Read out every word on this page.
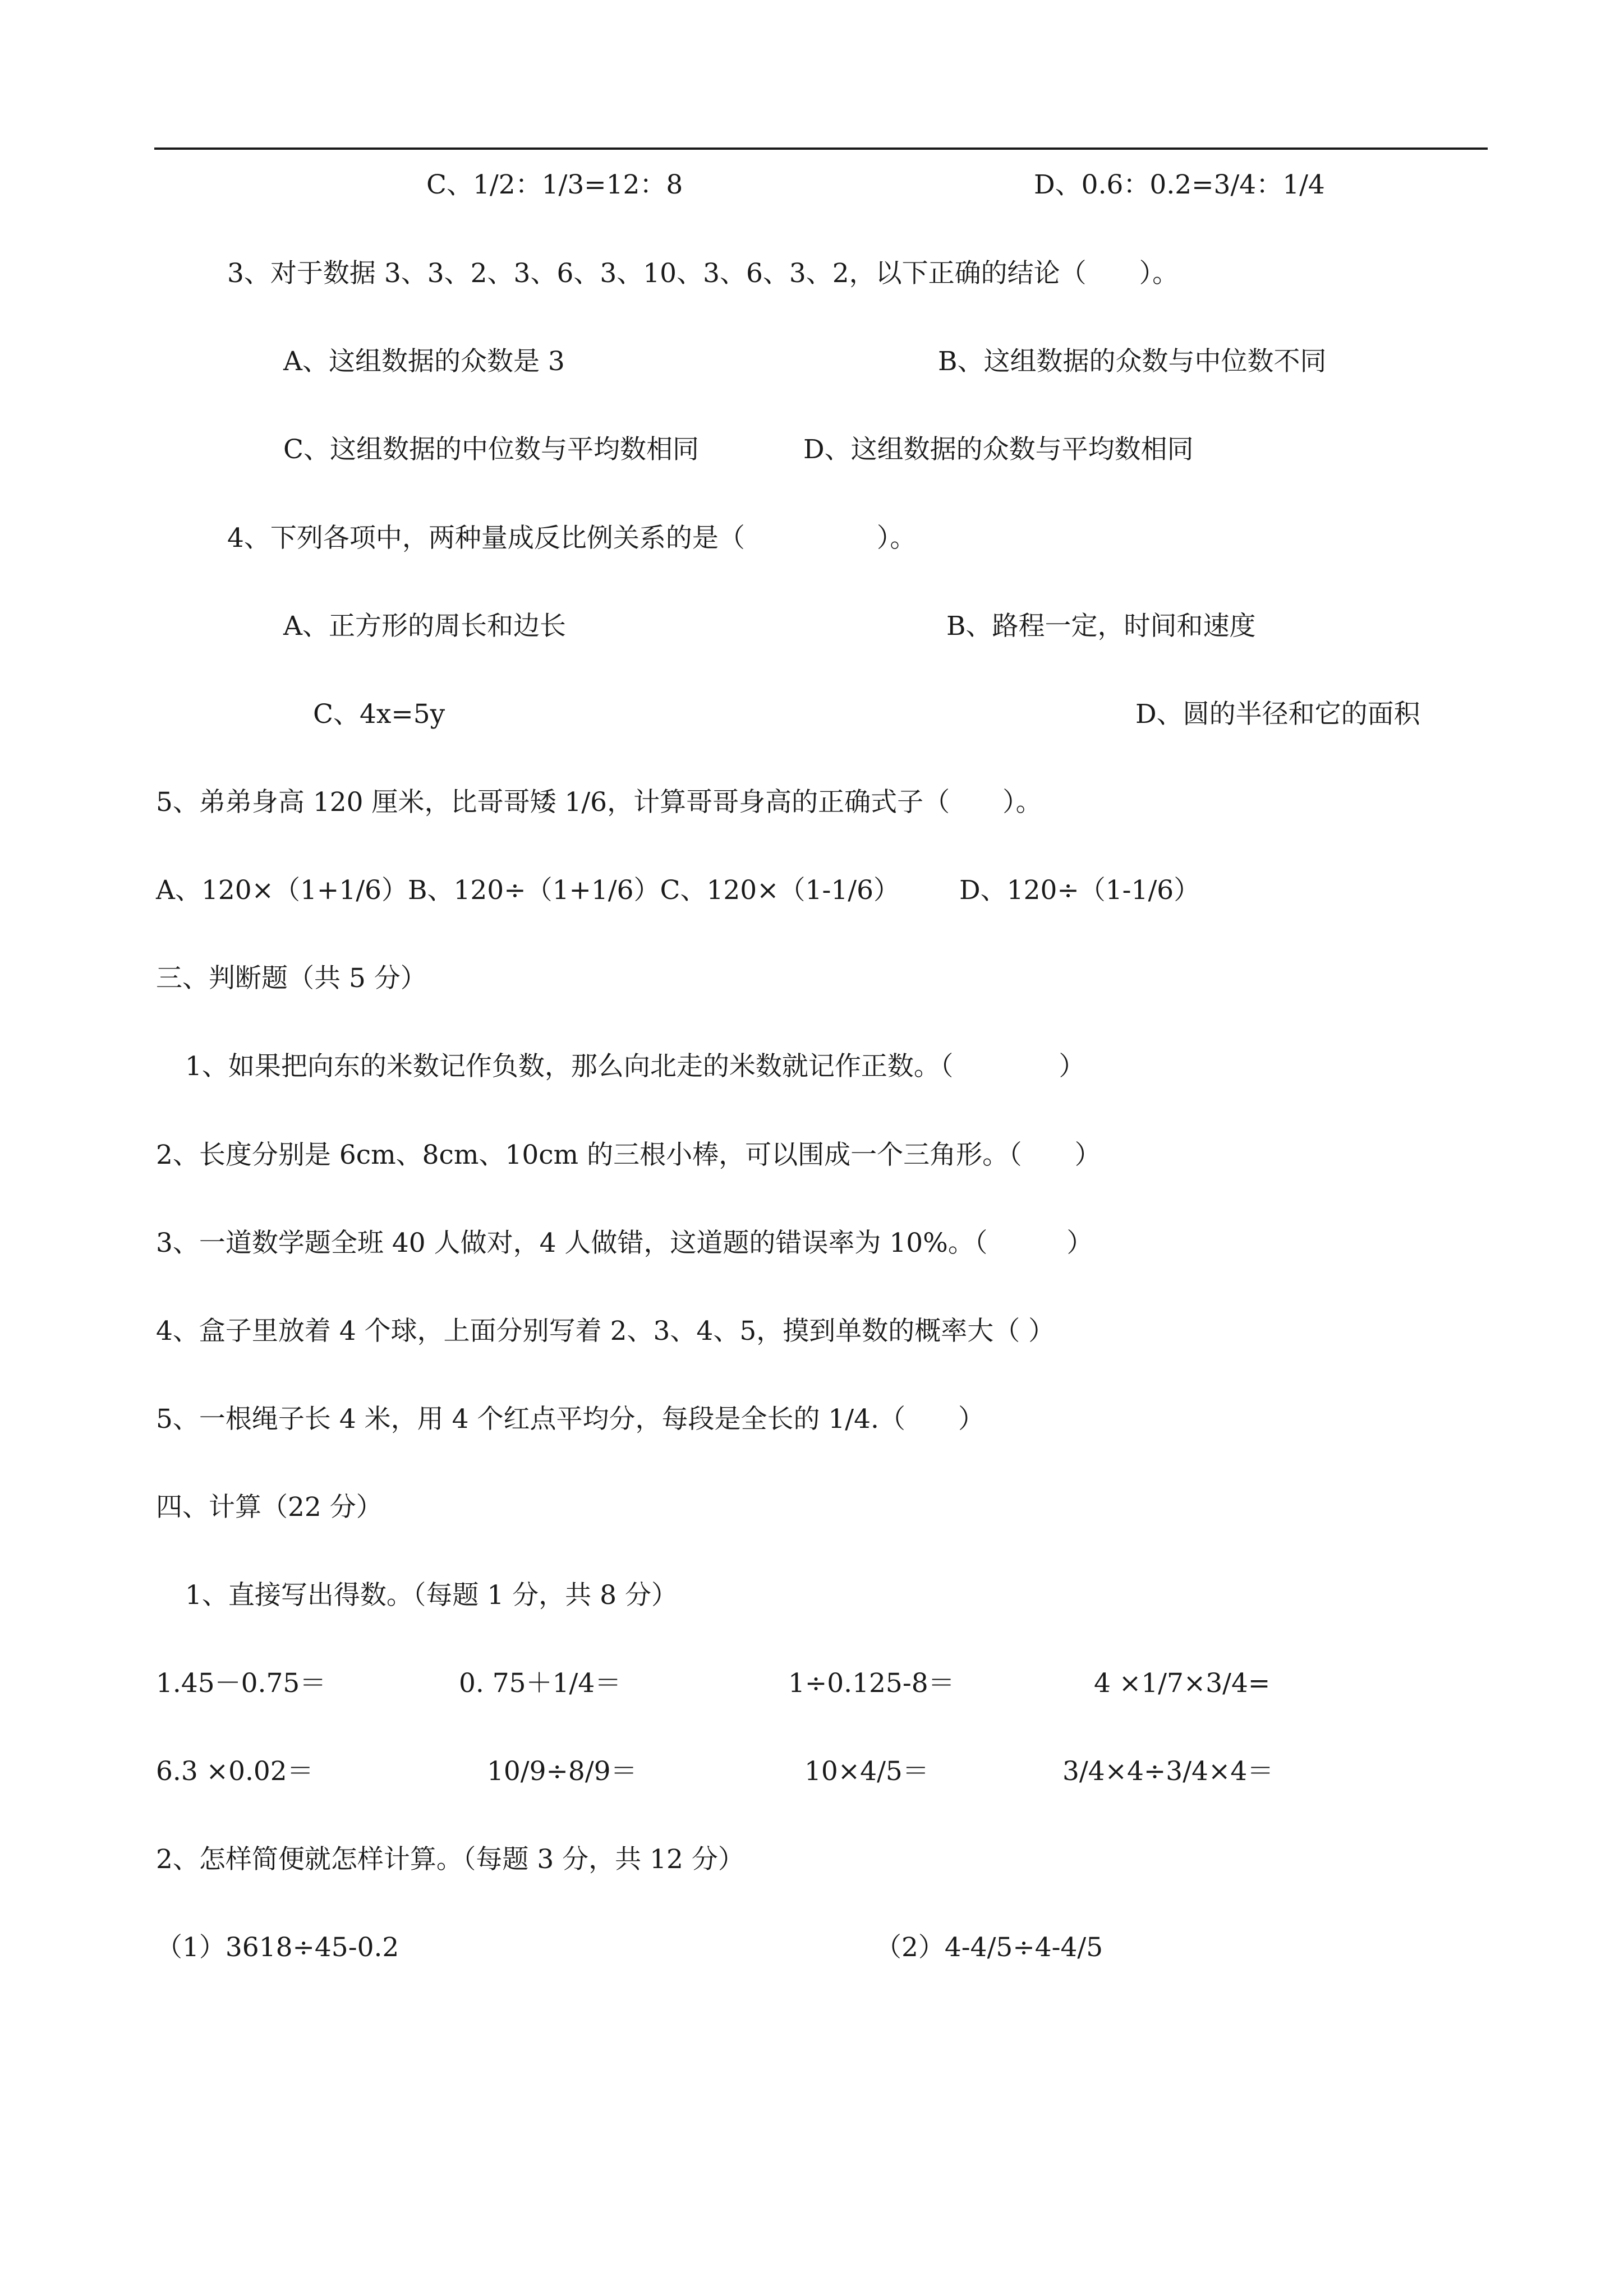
C、1/2：1/3=12：8	D、0.6：0.2=3/4：1/4
3、对于数据 3、3、2、3、6、3、10、3、6、3、2，以下正确的结论（　　）。
A、这组数据的众数是 3	B、这组数据的众数与中位数不同
C、这组数据的中位数与平均数相同	D、这组数据的众数与平均数相同
4、下列各项中，两种量成反比例关系的是（　　　　　）。
A、正方形的周长和边长	B、路程一定，时间和速度
C、4x=5y	D、圆的半径和它的面积
5、弟弟身高 120 厘米，比哥哥矮 1/6，计算哥哥身高的正确式子（　　）。
A、120×（1+1/6）B、120÷（1+1/6）C、120×（1-1/6） D、120÷（1-1/6）
三、判断题（共 5 分）
1、如果把向东的米数记作负数，那么向北走的米数就记作正数。（　　　　）
2、长度分别是 6cm、8cm、10cm 的三根小棒，可以围成一个三角形。（　　）
3、一道数学题全班 40 人做对，4 人做错，这道题的错误率为 10%。（　　　）
4、盒子里放着 4 个球，上面分别写着 2、3、4、5，摸到单数的概率大（ ）
5、一根绳子长 4 米，用 4 个红点平均分，每段是全长的 1/4.（　　）
四、计算（22 分）
1、直接写出得数。（每题 1 分，共 8 分）
1.45－0.75＝	0. 75＋1/4＝	1÷0.125-8＝	4 ×1/7×3/4=
6.3 ×0.02＝	10/9÷8/9＝	10×4/5＝	3/4×4÷3/4×4＝
2、怎样简便就怎样计算。（每题 3 分，共 12 分）
（1）3618÷45-0.2	（2）4-4/5÷4-4/5
